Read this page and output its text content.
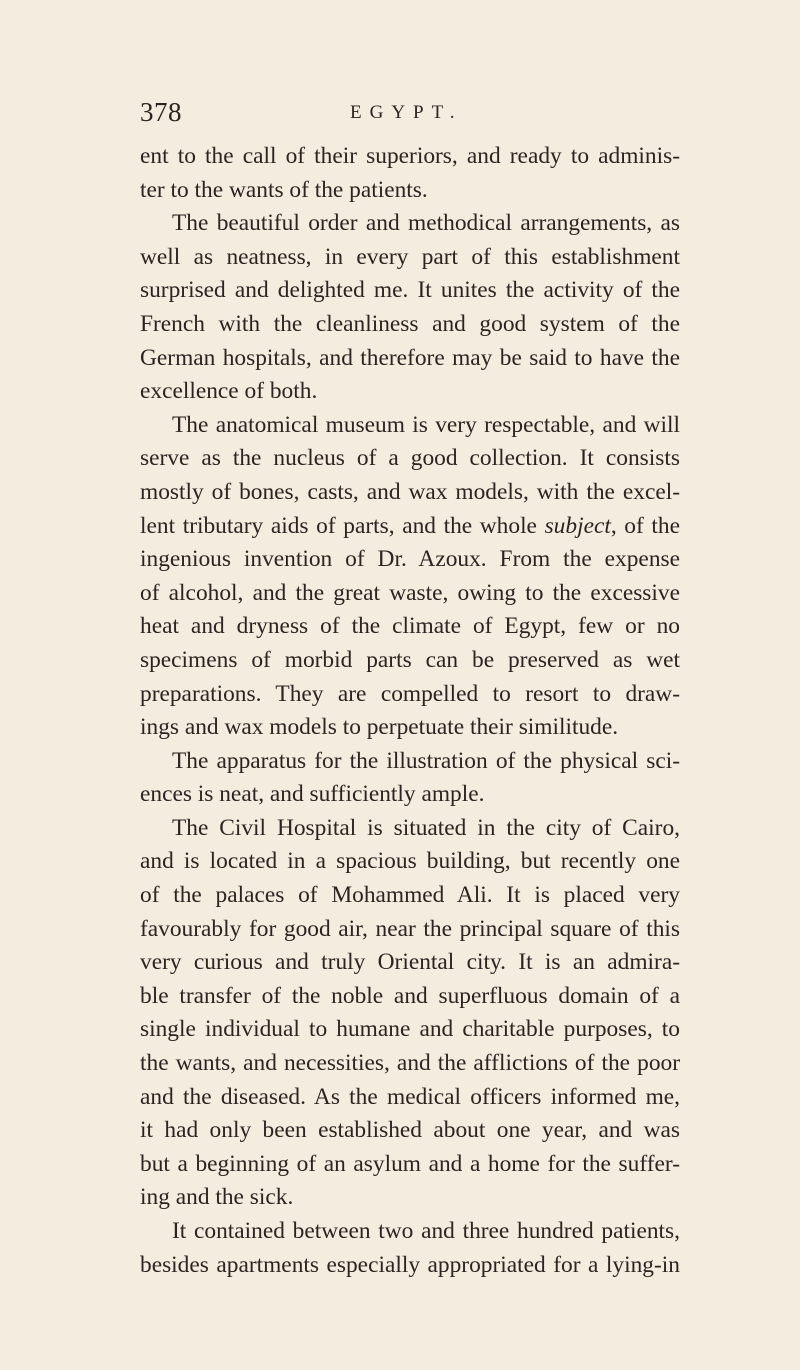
378	EGYPT.
ent to the call of their superiors, and ready to adminis-
ter to the wants of the patients.
The beautiful order and methodical arrangements, as
well as neatness, in every part of this establishment
surprised and delighted me. It unites the activity of the
French with the cleanliness and good system of the
German hospitals, and therefore may be said to have the
excellence of both.
The anatomical museum is very respectable, and will
serve as the nucleus of a good collection. It consists
mostly of bones, casts, and wax models, with the excel-
lent tributary aids of parts, and the whole subject, of the
ingenious invention of Dr. Azoux. From the expense
of alcohol, and the great waste, owing to the excessive
heat and dryness of the climate of Egypt, few or no
specimens of morbid parts can be preserved as wet
preparations. They are compelled to resort to draw-
ings and wax models to perpetuate their similitude.
The apparatus for the illustration of the physical sci-
ences is neat, and sufficiently ample.
The Civil Hospital is situated in the city of Cairo,
and is located in a spacious building, but recently one
of the palaces of Mohammed Ali. It is placed very
favourably for good air, near the principal square of this
very curious and truly Oriental city. It is an admira-
ble transfer of the noble and superfluous domain of a
single individual to humane and charitable purposes, to
the wants, and necessities, and the afflictions of the poor
and the diseased. As the medical officers informed me,
it had only been established about one year, and was
but a beginning of an asylum and a home for the suffer-
ing and the sick.
It contained between two and three hundred patients,
besides apartments especially appropriated for a lying-in
